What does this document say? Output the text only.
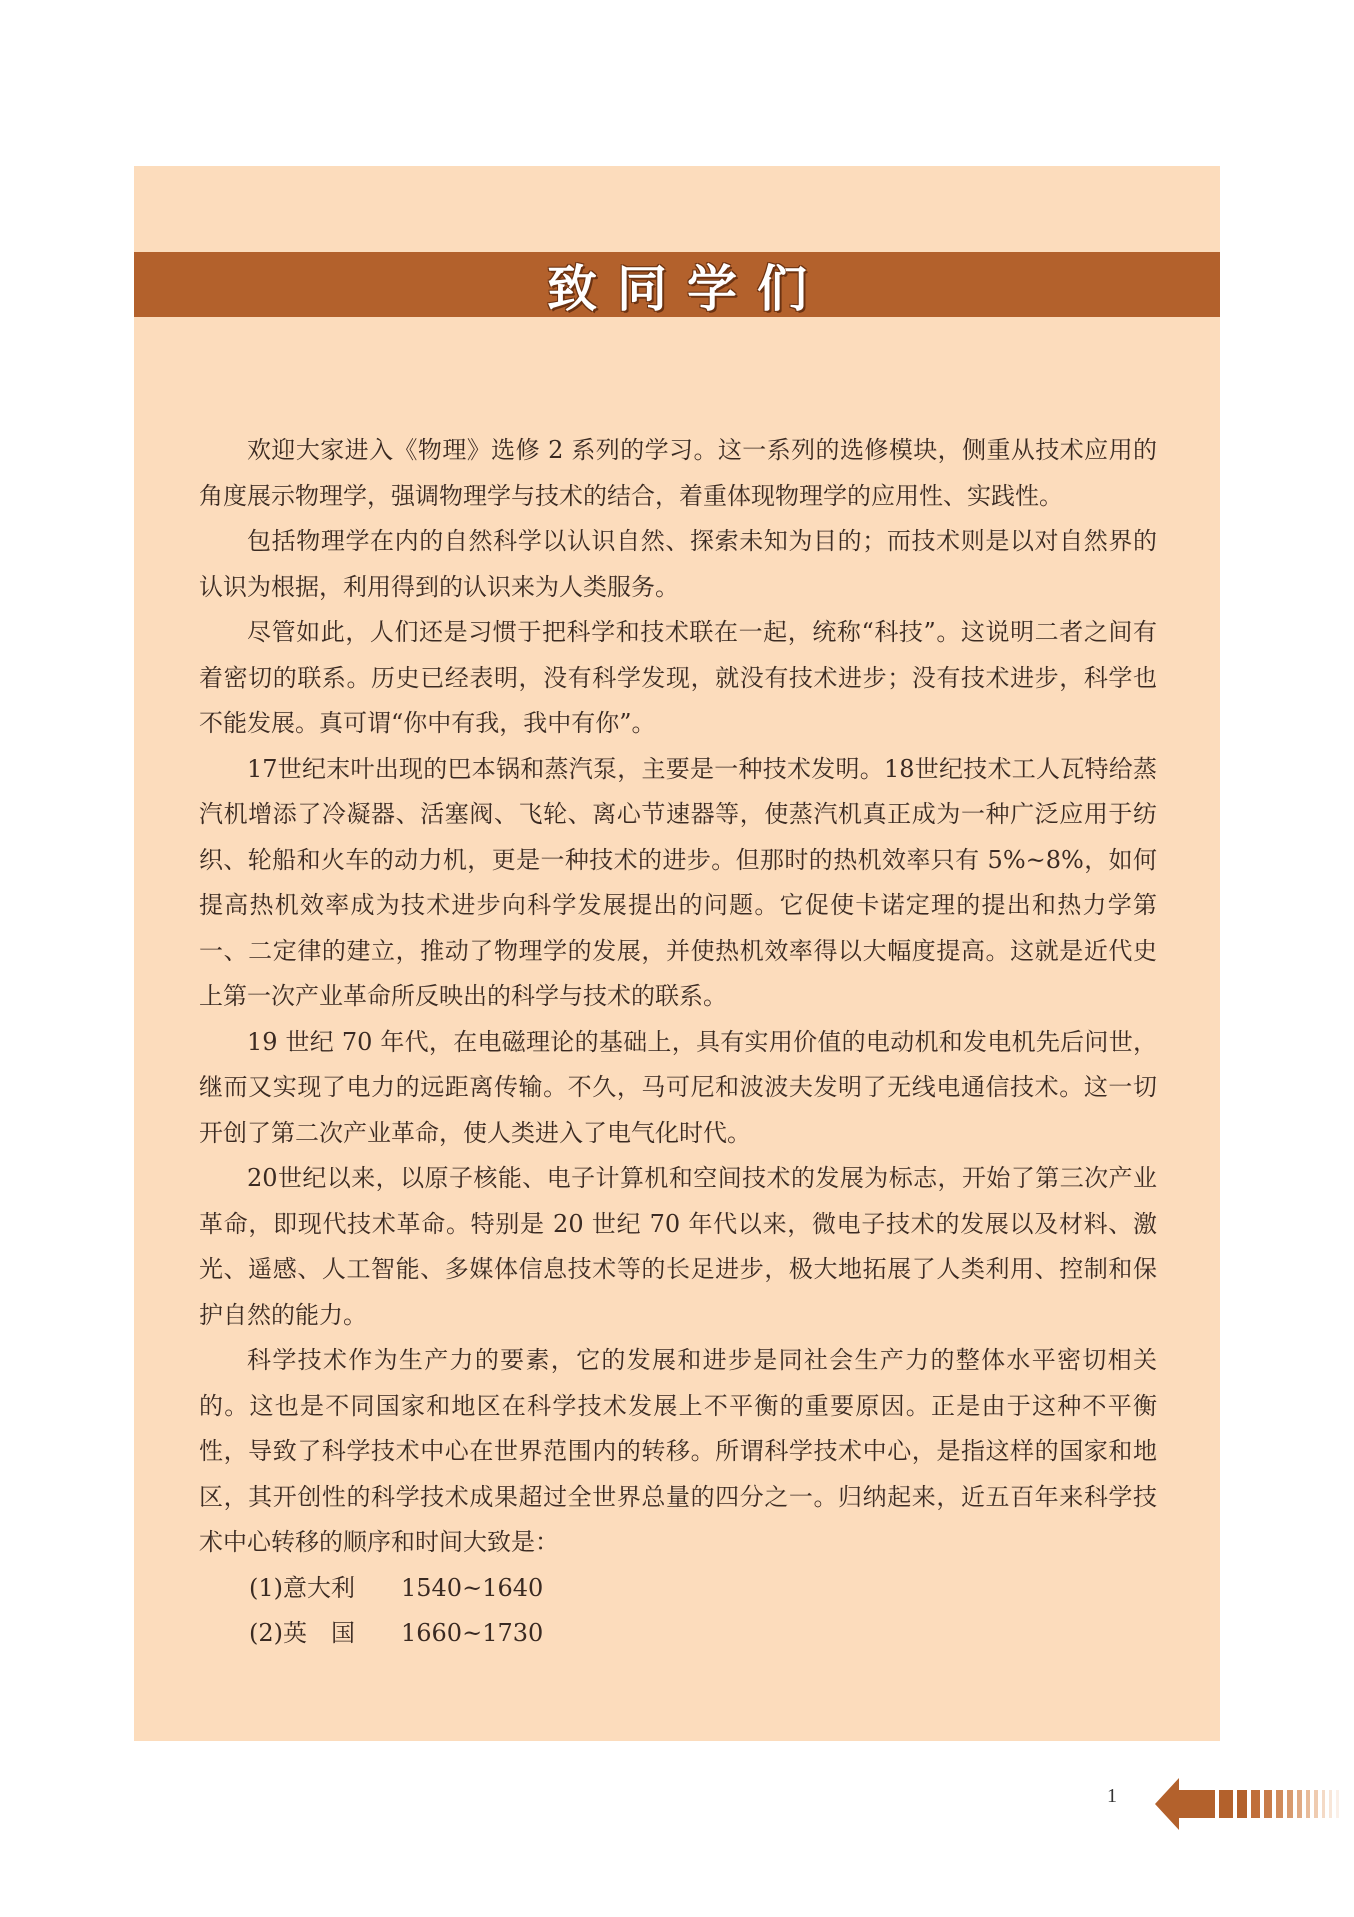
致同学们

欢迎大家进入《物理》选修 2 系列的学习。这一系列的选修模块，侧重从技术应用的角度展示物理学，强调物理学与技术的结合，着重体现物理学的应用性、实践性。

包括物理学在内的自然科学以认识自然、探索未知为目的；而技术则是以对自然界的认识为根据，利用得到的认识来为人类服务。

尽管如此，人们还是习惯于把科学和技术联在一起，统称“科技”。这说明二者之间有着密切的联系。历史已经表明，没有科学发现，就没有技术进步；没有技术进步，科学也不能发展。真可谓“你中有我，我中有你”。

17世纪末叶出现的巴本锅和蒸汽泵，主要是一种技术发明。18世纪技术工人瓦特给蒸汽机增添了冷凝器、活塞阀、飞轮、离心节速器等，使蒸汽机真正成为一种广泛应用于纺织、轮船和火车的动力机，更是一种技术的进步。但那时的热机效率只有 5%~8%，如何提高热机效率成为技术进步向科学发展提出的问题。它促使卡诺定理的提出和热力学第一、二定律的建立，推动了物理学的发展，并使热机效率得以大幅度提高。这就是近代史上第一次产业革命所反映出的科学与技术的联系。

19 世纪 70 年代，在电磁理论的基础上，具有实用价值的电动机和发电机先后问世，继而又实现了电力的远距离传输。不久，马可尼和波波夫发明了无线电通信技术。这一切开创了第二次产业革命，使人类进入了电气化时代。

20世纪以来，以原子核能、电子计算机和空间技术的发展为标志，开始了第三次产业革命，即现代技术革命。特别是 20 世纪 70 年代以来，微电子技术的发展以及材料、激光、遥感、人工智能、多媒体信息技术等的长足进步，极大地拓展了人类利用、控制和保护自然的能力。

科学技术作为生产力的要素，它的发展和进步是同社会生产力的整体水平密切相关的。这也是不同国家和地区在科学技术发展上不平衡的重要原因。正是由于这种不平衡性，导致了科学技术中心在世界范围内的转移。所谓科学技术中心，是指这样的国家和地区，其开创性的科学技术成果超过全世界总量的四分之一。归纳起来，近五百年来科学技术中心转移的顺序和时间大致是：

(1)意大利	1540~1640
(2)英　国	1660~1730
1
